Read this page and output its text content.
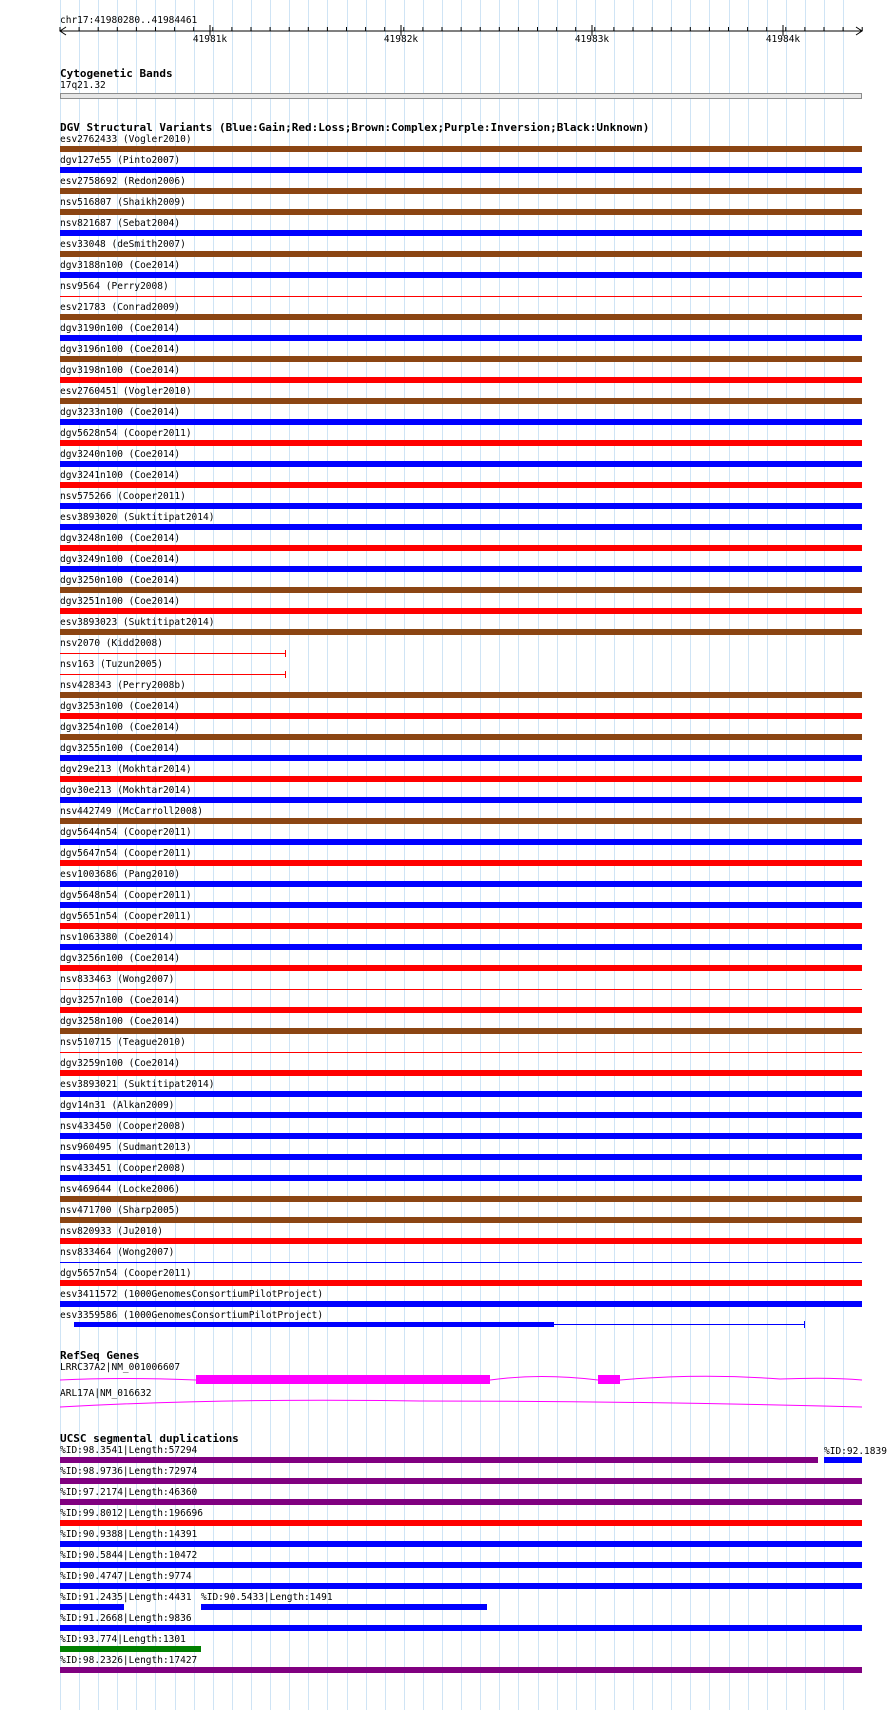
chr17:41980280..41984461
41981k	41982k	41983k	41984k
Cytogenetic Bands
17q21.32
DGV Structural Variants (Blue:Gain;Red:Loss;Brown:Complex;Purple:Inversion;Black:Unknown)
esv2762433 (Vogler2010)
dgv127e55 (Pinto2007)
esv2758692 (Redon2006)
nsv516807 (Shaikh2009)
nsv821687 (Sebat2004)
esv33048 (deSmith2007)
dgv3188n100 (Coe2014)
nsv9564 (Perry2008)
esv21783 (Conrad2009)
dgv3190n100 (Coe2014)
dgv3196n100 (Coe2014)
dgv3198n100 (Coe2014)
esv2760451 (Vogler2010)
dgv3233n100 (Coe2014)
dgv5628n54 (Cooper2011)
dgv3240n100 (Coe2014)
dgv3241n100 (Coe2014)
nsv575266 (Cooper2011)
esv3893020 (Suktitipat2014)
dgv3248n100 (Coe2014)
dgv3249n100 (Coe2014)
dgv3250n100 (Coe2014)
dgv3251n100 (Coe2014)
esv3893023 (Suktitipat2014)
nsv2070 (Kidd2008)
nsv163 (Tuzun2005)
nsv428343 (Perry2008b)
dgv3253n100 (Coe2014)
dgv3254n100 (Coe2014)
dgv3255n100 (Coe2014)
dgv29e213 (Mokhtar2014)
dgv30e213 (Mokhtar2014)
nsv442749 (McCarroll2008)
dgv5644n54 (Cooper2011)
dgv5647n54 (Cooper2011)
esv1003686 (Pang2010)
dgv5648n54 (Cooper2011)
dgv5651n54 (Cooper2011)
nsv1063380 (Coe2014)
dgv3256n100 (Coe2014)
nsv833463 (Wong2007)
dgv3257n100 (Coe2014)
dgv3258n100 (Coe2014)
nsv510715 (Teague2010)
dgv3259n100 (Coe2014)
esv3893021 (Suktitipat2014)
dgv14n31 (Alkan2009)
nsv433450 (Cooper2008)
nsv960495 (Sudmant2013)
nsv433451 (Cooper2008)
nsv469644 (Locke2006)
nsv471700 (Sharp2005)
nsv820933 (Ju2010)
nsv833464 (Wong2007)
dgv5657n54 (Cooper2011)
esv3411572 (1000GenomesConsortiumPilotProject)
esv3359586 (1000GenomesConsortiumPilotProject)
RefSeq Genes
LRRC37A2|NM_001006607
ARL17A|NM_016632
UCSC segmental duplications
%ID:98.3541|Length:57294	%ID:92.1839
%ID:98.9736|Length:72974
%ID:97.2174|Length:46360
%ID:99.8012|Length:196696
%ID:90.9388|Length:14391
%ID:90.5844|Length:10472
%ID:90.4747|Length:9774
%ID:91.2435|Length:4431 %ID:90.5433|Length:1491
%ID:91.2668|Length:9836
%ID:93.774|Length:1301
%ID:98.2326|Length:17427
